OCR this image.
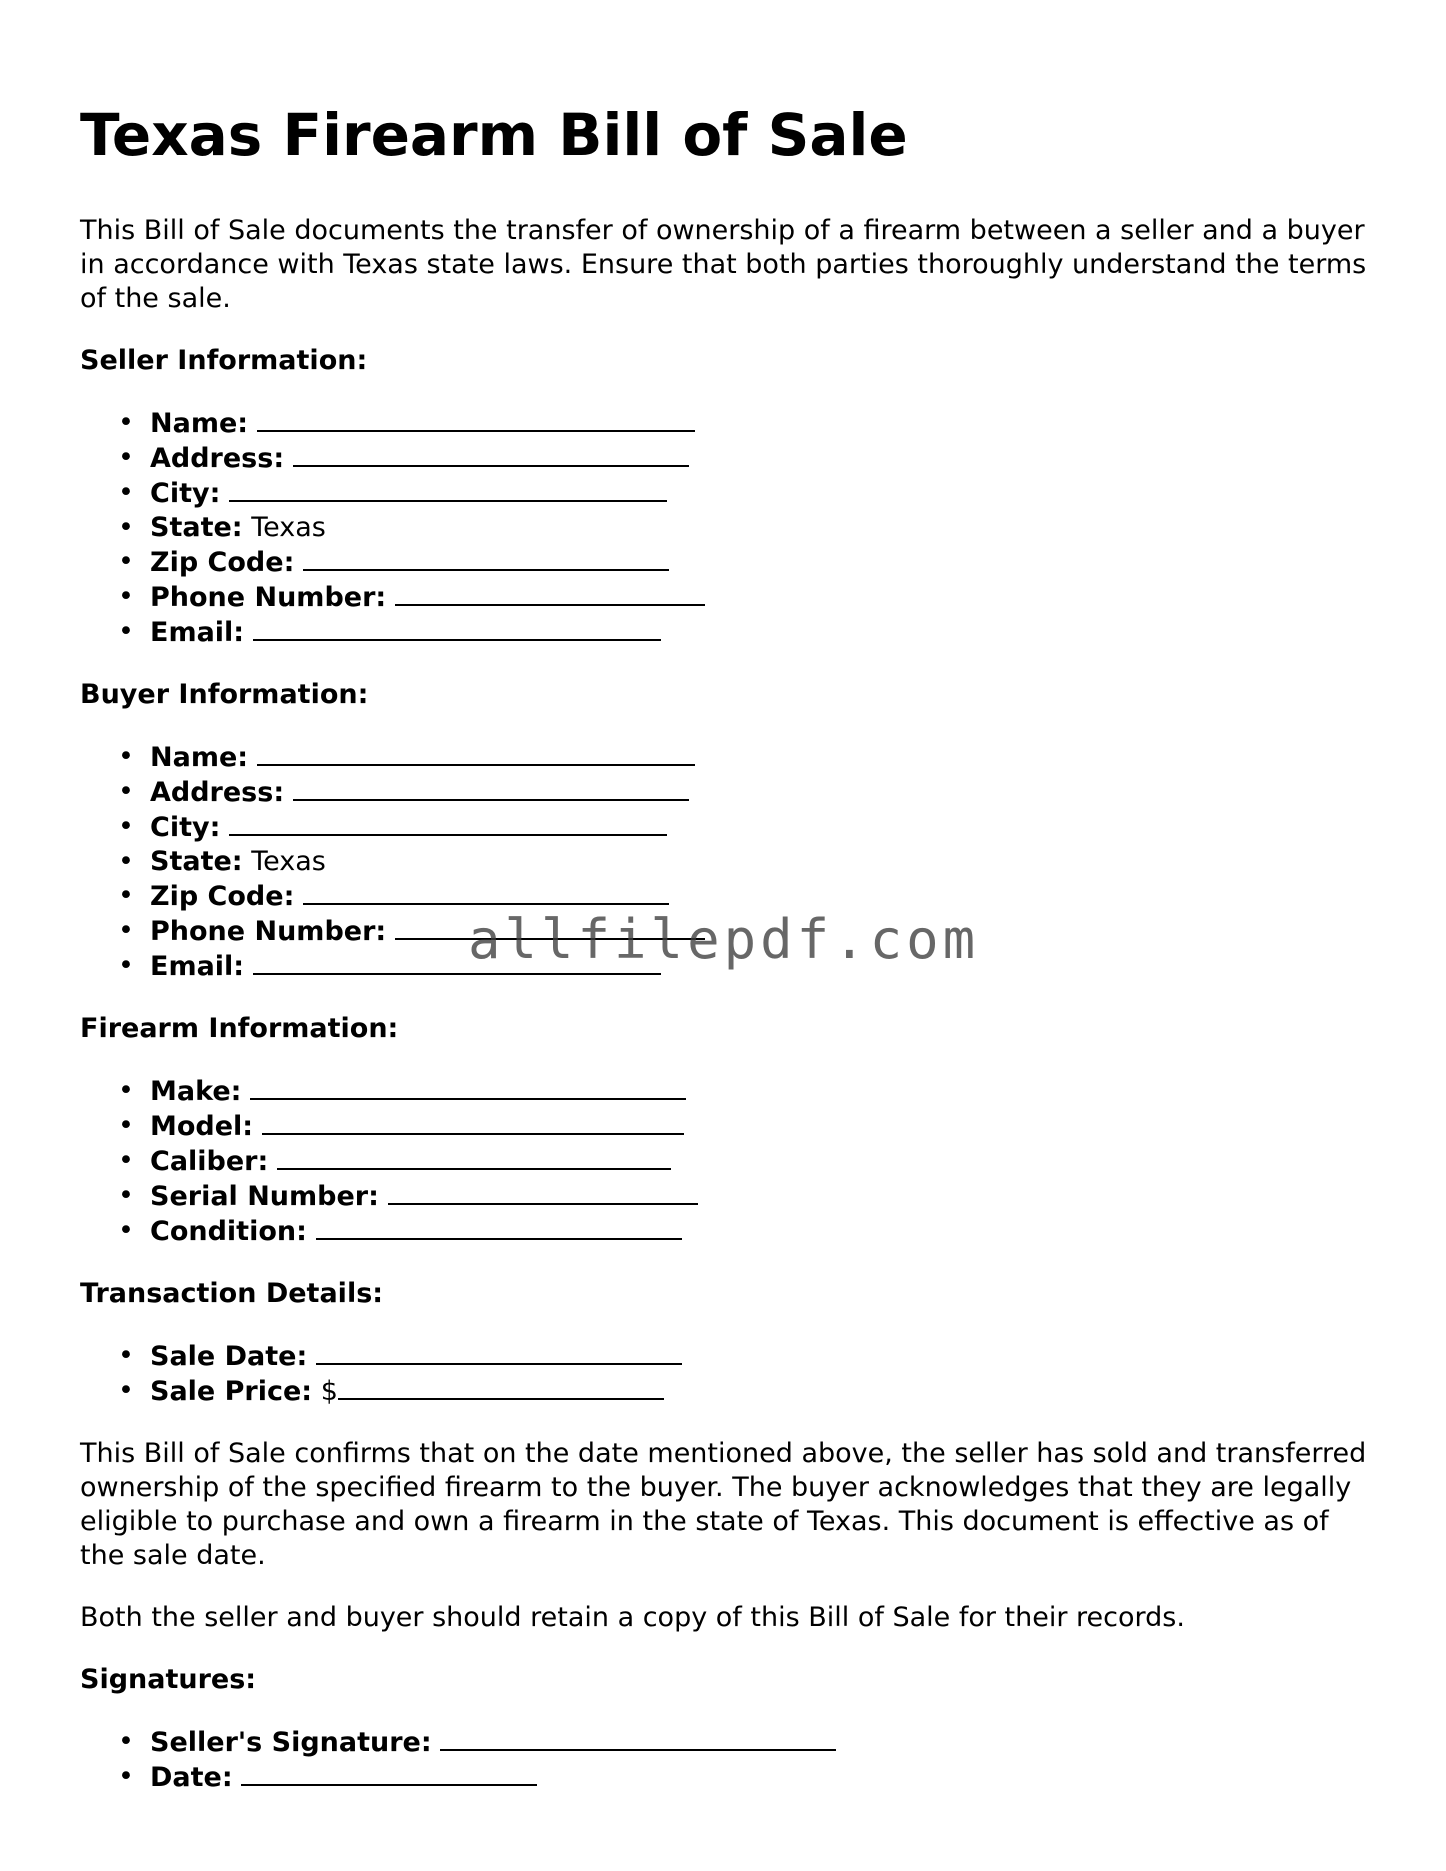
Texas Firearm Bill of Sale

This Bill of Sale documents the transfer of ownership of a firearm between a seller and a buyer in accordance with Texas state laws. Ensure that both parties thoroughly understand the terms of the sale.

Seller Information:
• Name:
• Address:
• City:
• State: Texas
• Zip Code:
• Phone Number:
• Email:
Buyer Information:
• Name:
• Address:
• City:
• State: Texas
• Zip Code:
• Phone Number:
• Email:
Firearm Information:
• Make:
• Model:
• Caliber:
• Serial Number:
• Condition:
Transaction Details:
• Sale Date:
• Sale Price: $

This Bill of Sale confirms that on the date mentioned above, the seller has sold and transferred ownership of the specified firearm to the buyer. The buyer acknowledges that they are legally eligible to purchase and own a firearm in the state of Texas. This document is effective as of the sale date.

Both the seller and buyer should retain a copy of this Bill of Sale for their records.

Signatures:
• Seller's Signature:
• Date:
allfilepdf.com
